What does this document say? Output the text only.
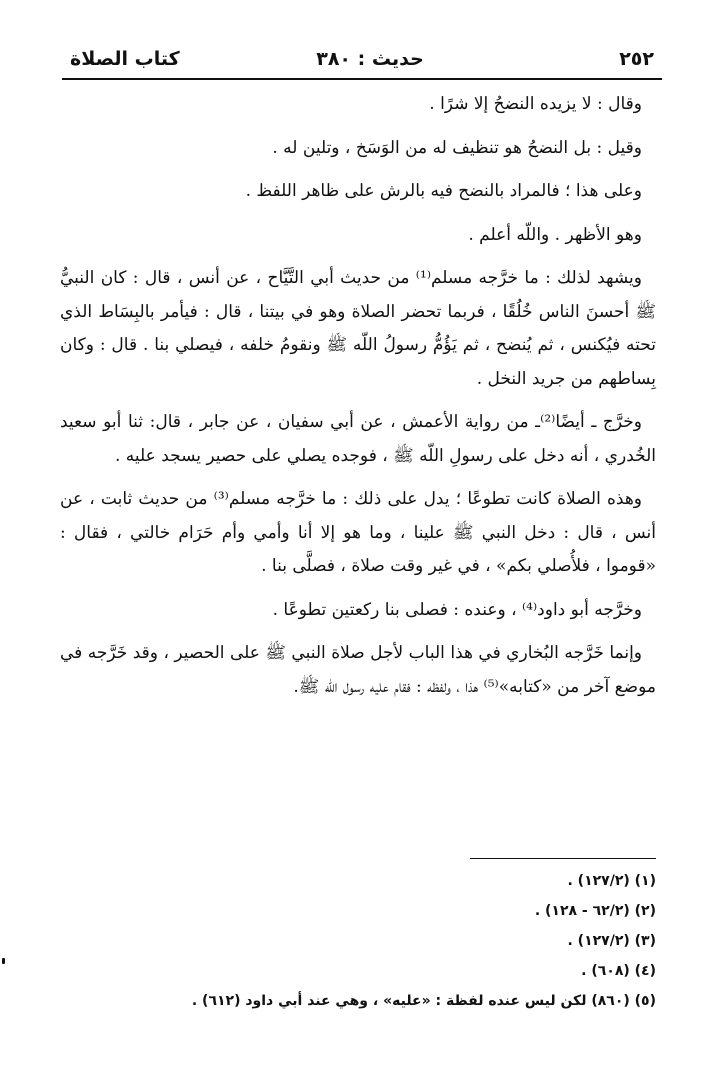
٢٥٢
حديث : ٣٨٠
كتاب الصلاة

وقال : لا يزيده النضحُ إلا شرًا .

وقيل : بل النضحُ هو تنظيف له من الوَسَخ ، وتلين له .

وعلى هذا ؛ فالمراد بالنضح فيه بالرش على ظاهر اللفظ .

وهو الأظهر . واللّه أعلم .

ويشهد لذلك : ما خرَّجه مسلم⁽¹⁾ من حديث أبي التَّيَّاح ، عن أنس ، قال : كان النبيُّ ﷺ أحسنَ الناس خُلُقًا ، فربما تحضر الصلاة وهو في بيتنا ، قال : فيأمر بالبِسَاط الذي تحته فيُكنس ، ثم يُنضح ، ثم يَؤُمُّ رسولُ اللّه ﷺ ونقومُ خلفه ، فيصلي بنا . قال : وكان بِساطهم من جريد النخل .

وخرَّج ـ أيضًا⁽²⁾ـ من رواية الأعمش ، عن أبي سفيان ، عن جابر ، قال: ثنا أبو سعيد الخُدري ، أنه دخل على رسولِ اللّه ﷺ ، فوجده يصلي على حصير يسجد عليه .

وهذه الصلاة كانت تطوعًا ؛ يدل على ذلك : ما خرَّجه مسلم⁽³⁾ من حديث ثابت ، عن أنس ، قال : دخل النبي ﷺ علينا ، وما هو إلا أنا وأمي وأم حَرَام خالتي ، فقال : «قوموا ، فلأُصلي بكم» ، في غير وقت صلاة ، فصلَّى بنا .

وخرَّجه أبو داود⁽⁴⁾ ، وعنده : فصلى بنا ركعتين تطوعًا .

وإنما خَرَّجه البُخاري في هذا الباب لأجل صلاة النبي ﷺ على الحصير ، وقد خَرَّجه في موضع آخر من «كتابه»⁽⁵⁾ هذا ، ولفظه : فقام عليه رسول اللّه ﷺ.

(١) (١٢٧/٢) .
(٢) (٦٢/٢ - ١٢٨) .
(٣) (١٢٧/٢) .
(٤) (٦٠٨) .
(٥) (٨٦٠) لكن ليس عنده لفظة : «عليه» ، وهي عند أبي داود (٦١٢) .
